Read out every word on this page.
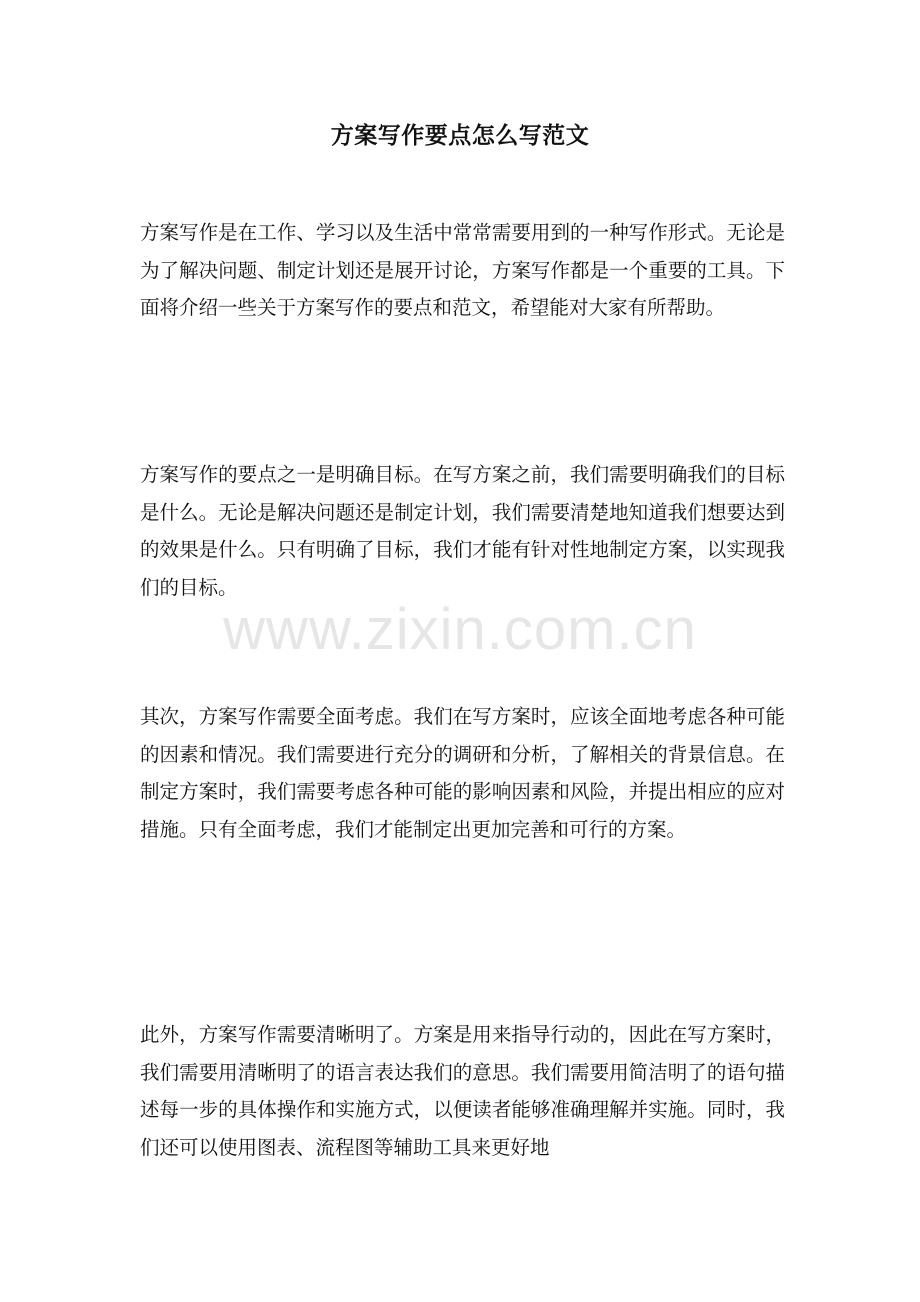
方案写作要点怎么写范文

方案写作是在工作、学习以及生活中常常需要用到的一种写作形式。无论是为了解决问题、制定计划还是展开讨论，方案写作都是一个重要的工具。下面将介绍一些关于方案写作的要点和范文，希望能对大家有所帮助。

方案写作的要点之一是明确目标。在写方案之前，我们需要明确我们的目标是什么。无论是解决问题还是制定计划，我们需要清楚地知道我们想要达到的效果是什么。只有明确了目标，我们才能有针对性地制定方案，以实现我们的目标。

其次，方案写作需要全面考虑。我们在写方案时，应该全面地考虑各种可能的因素和情况。我们需要进行充分的调研和分析，了解相关的背景信息。在制定方案时，我们需要考虑各种可能的影响因素和风险，并提出相应的应对措施。只有全面考虑，我们才能制定出更加完善和可行的方案。

此外，方案写作需要清晰明了。方案是用来指导行动的，因此在写方案时，我们需要用清晰明了的语言表达我们的意思。我们需要用简洁明了的语句描述每一步的具体操作和实施方式，以便读者能够准确理解并实施。同时，我们还可以使用图表、流程图等辅助工具来更好地

www.zixin.com.cn
